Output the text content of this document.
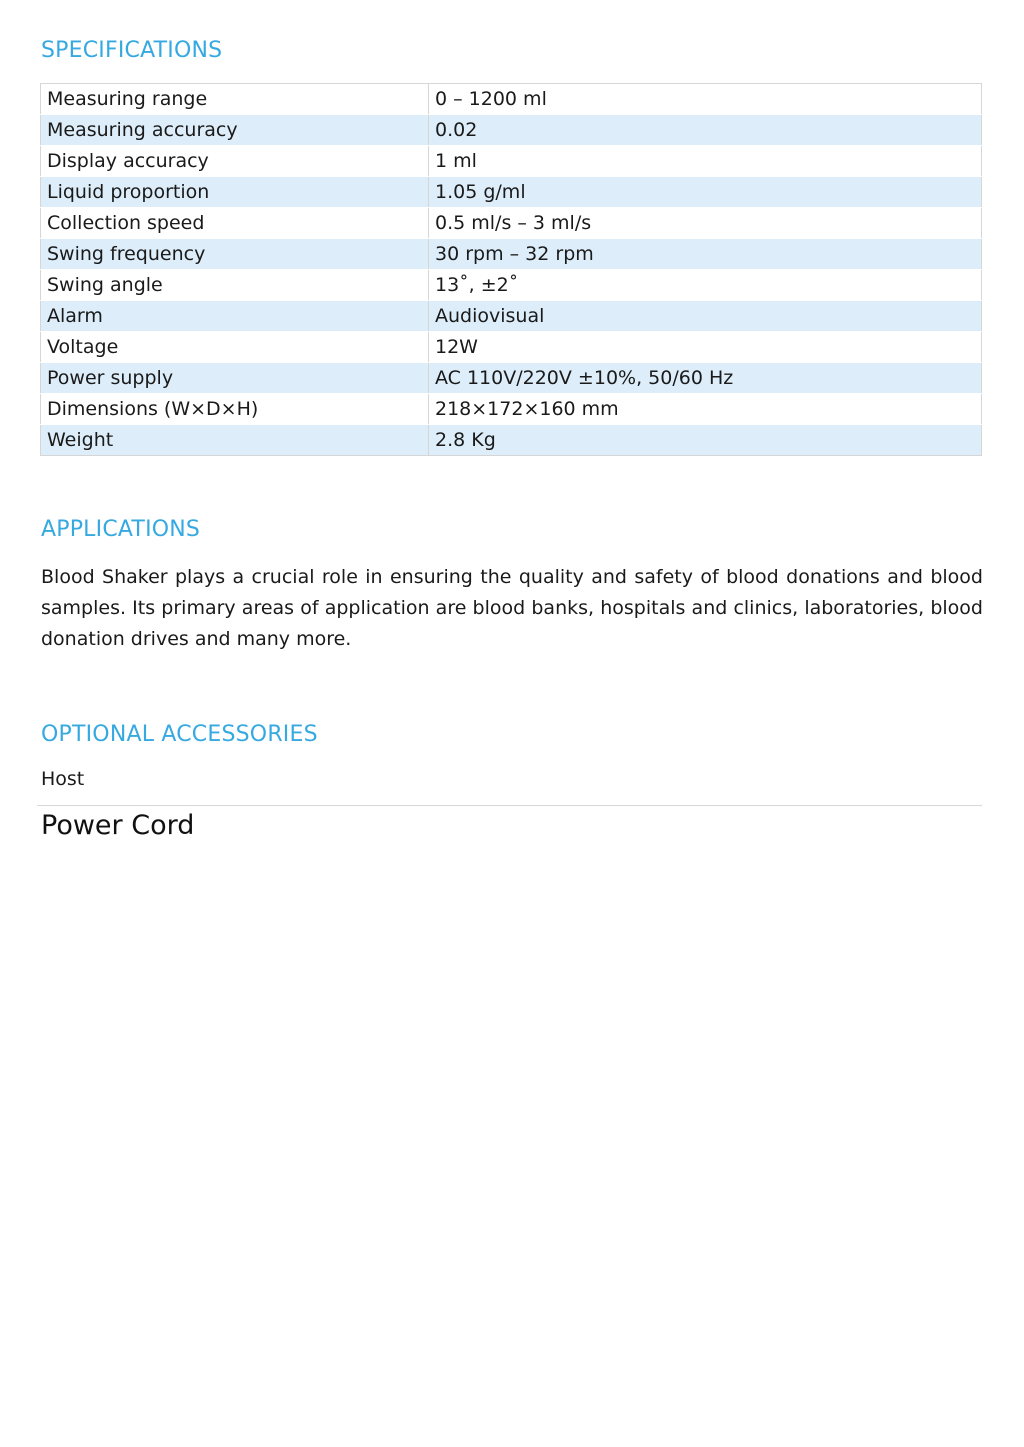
SPECIFICATIONS
Measuring range	0 – 1200 ml
Measuring accuracy	0.02
Display accuracy	1 ml
Liquid proportion	1.05 g/ml
Collection speed	0.5 ml/s – 3 ml/s
Swing frequency	30 rpm – 32 rpm
Swing angle	13˚, ±2˚
Alarm	Audiovisual
Voltage	12W
Power supply	AC 110V/220V ±10%, 50/60 Hz
Dimensions (W×D×H)	218×172×160 mm
Weight	2.8 Kg
APPLICATIONS

Blood Shaker plays a crucial role in ensuring the quality and safety of blood donations and blood samples. Its primary areas of application are blood banks, hospitals and clinics, laboratories, blood donation drives and many more.

OPTIONAL ACCESSORIES

Host

Power Cord
